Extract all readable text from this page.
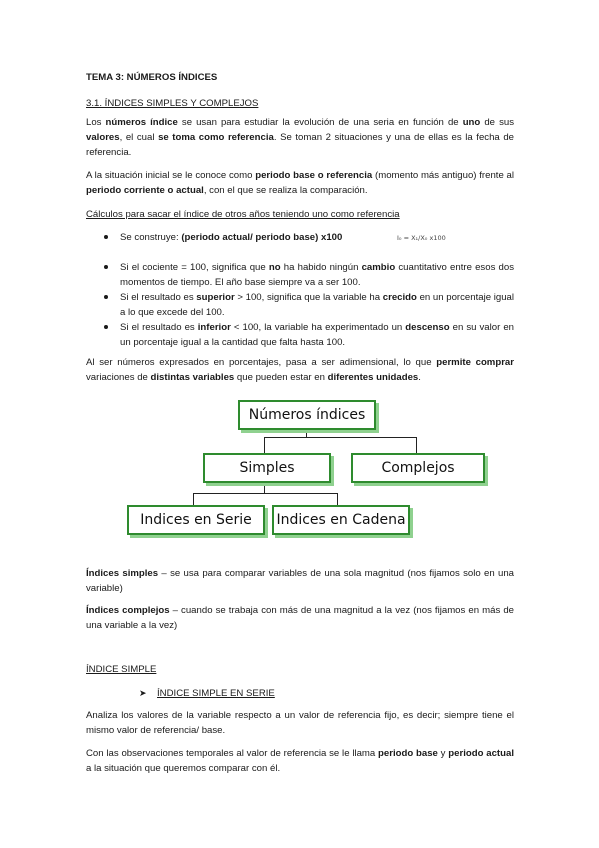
TEMA 3: NÚMEROS ÍNDICES
3.1. ÍNDICES SIMPLES Y COMPLEJOS
Los números índice se usan para estudiar la evolución de una seria en función de uno de sus valores, el cual se toma como referencia. Se toman 2 situaciones y una de ellas es la fecha de referencia.
A la situación inicial se le conoce como periodo base o referencia (momento más antiguo) frente al periodo corriente o actual, con el que se realiza la comparación.
Cálculos para sacar el índice de otros años teniendo uno como referencia
Se construye: (periodo actual/ periodo base) x100	I₀ = X₁/X₀ x100
Si el cociente = 100, significa que no ha habido ningún cambio cuantitativo entre esos dos momentos de tiempo. El año base siempre va a ser 100.
Si el resultado es superior > 100, significa que la variable ha crecido en un porcentaje igual a lo que excede del 100.
Si el resultado es inferior < 100, la variable ha experimentado un descenso en su valor en un porcentaje igual a la cantidad que falta hasta 100.
Al ser números expresados en porcentajes, pasa a ser adimensional, lo que permite comprar variaciones de distintas variables que pueden estar en diferentes unidades.
Números índices
Simples	Complejos
Indices en Serie	Indices en Cadena
Índices simples – se usa para comparar variables de una sola magnitud (nos fijamos solo en una variable)
Índices complejos – cuando se trabaja con más de una magnitud a la vez (nos fijamos en más de una variable a la vez)
ÍNDICE SIMPLE
➤ ÍNDICE SIMPLE EN SERIE
Analiza los valores de la variable respecto a un valor de referencia fijo, es decir; siempre tiene el mismo valor de referencia/ base.
Con las observaciones temporales al valor de referencia se le llama periodo base y periodo actual a la situación que queremos comparar con él.
